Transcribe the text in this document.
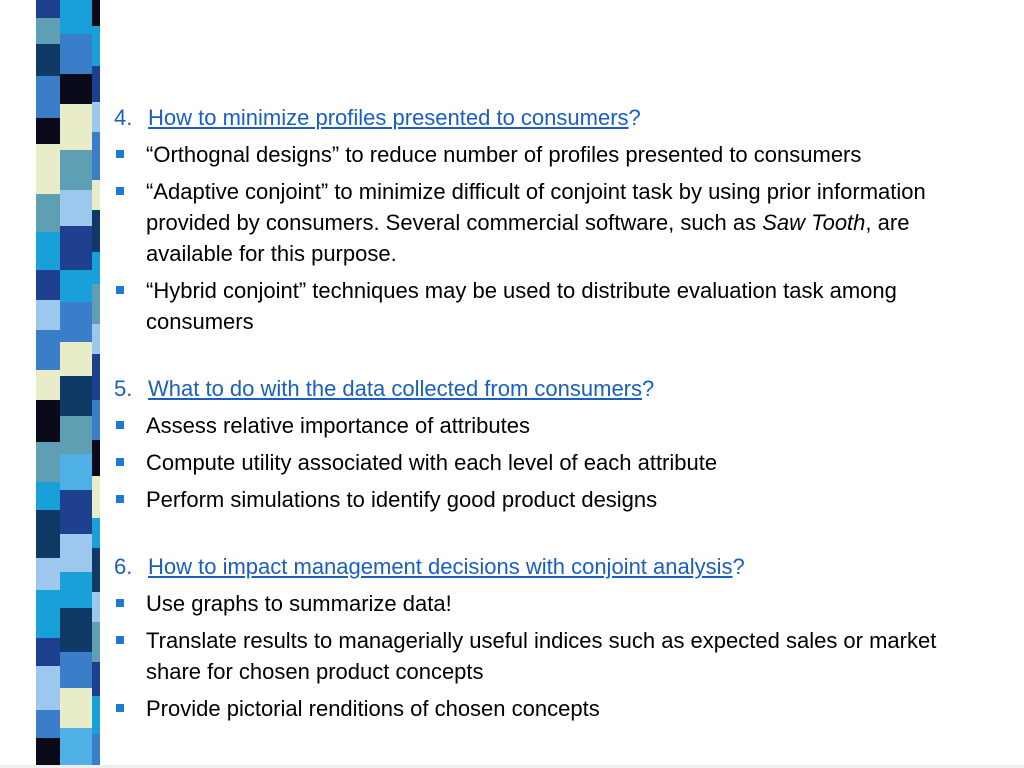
4. How to minimize profiles presented to consumers?
“Orthognal designs” to reduce number of profiles presented to consumers
“Adaptive conjoint” to minimize difficult of conjoint task by using prior information provided by consumers. Several commercial software, such as Saw Tooth, are available for this purpose.
“Hybrid conjoint” techniques may be used to distribute evaluation task among consumers
5. What to do with the data collected from consumers?
Assess relative importance of attributes
Compute utility associated with each level of each attribute
Perform simulations to identify good product designs
6. How to impact management decisions with conjoint analysis?
Use graphs to summarize data!
Translate results to managerially useful indices such as expected sales or market share for chosen product concepts
Provide pictorial renditions of chosen concepts
